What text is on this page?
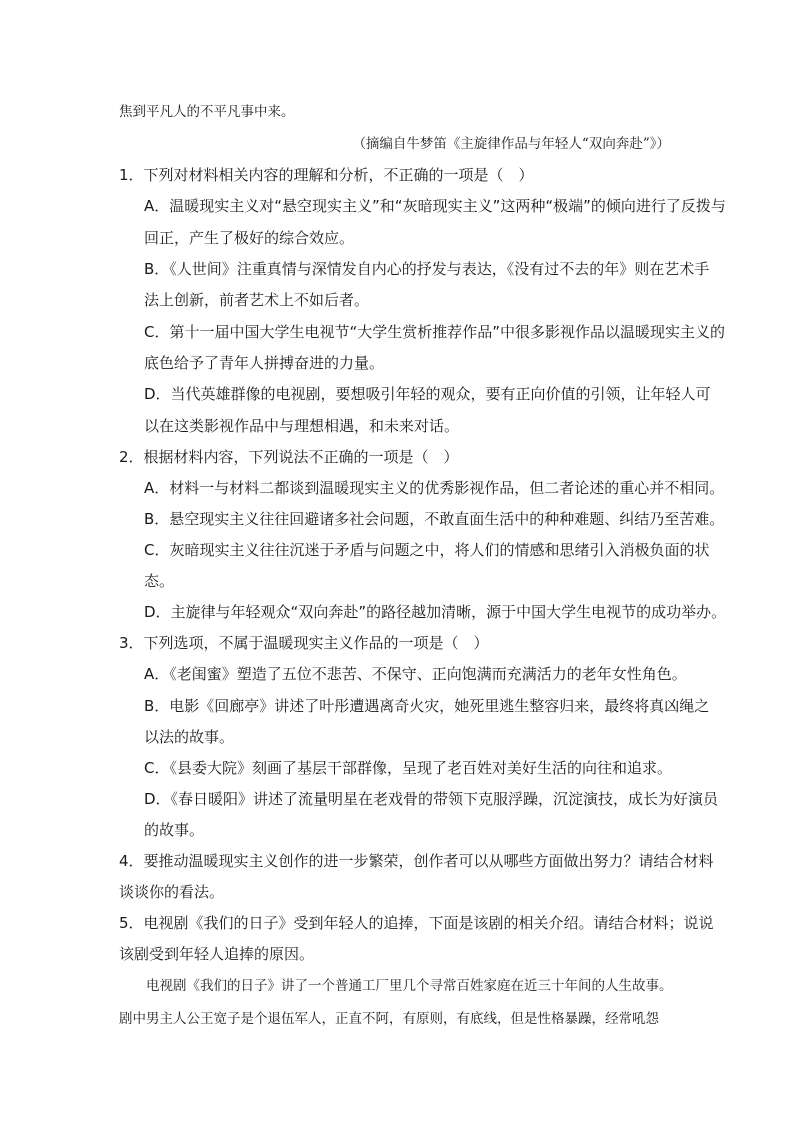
焦到平凡人的不平凡事中来。
（摘编自牛梦笛《主旋律作品与年轻人“双向奔赴”》）
1．下列对材料相关内容的理解和分析，不正确的一项是（　）
A．温暖现实主义对“悬空现实主义”和“灰暗现实主义”这两种“极端”的倾向进行了反拨与
回正，产生了极好的综合效应。
B．《人世间》注重真情与深情发自内心的抒发与表达，《没有过不去的年》则在艺术手
法上创新，前者艺术上不如后者。
C．第十一届中国大学生电视节“大学生赏析推荐作品”中很多影视作品以温暖现实主义的
底色给予了青年人拼搏奋进的力量。
D．当代英雄群像的电视剧，要想吸引年轻的观众，要有正向价值的引领，让年轻人可
以在这类影视作品中与理想相遇，和未来对话。
2．根据材料内容，下列说法不正确的一项是（　）
A．材料一与材料二都谈到温暖现实主义的优秀影视作品，但二者论述的重心并不相同。
B．悬空现实主义往往回避诸多社会问题，不敢直面生活中的种种难题、纠结乃至苦难。
C．灰暗现实主义往往沉迷于矛盾与问题之中，将人们的情感和思绪引入消极负面的状
态。
D．主旋律与年轻观众“双向奔赴”的路径越加清晰，源于中国大学生电视节的成功举办。
3．下列选项，不属于温暖现实主义作品的一项是（　）
A．《老闺蜜》塑造了五位不悲苦、不保守、正向饱满而充满活力的老年女性角色。
B．电影《回廊亭》讲述了叶彤遭遇离奇火灾，她死里逃生整容归来，最终将真凶绳之
以法的故事。
C．《县委大院》刻画了基层干部群像，呈现了老百姓对美好生活的向往和追求。
D．《春日暖阳》讲述了流量明星在老戏骨的带领下克服浮躁，沉淀演技，成长为好演员
的故事。
4．要推动温暖现实主义创作的进一步繁荣，创作者可以从哪些方面做出努力？请结合材料
谈谈你的看法。
5．电视剧《我们的日子》受到年轻人的追捧，下面是该剧的相关介绍。请结合材料；说说
该剧受到年轻人追捧的原因。
电视剧《我们的日子》讲了一个普通工厂里几个寻常百姓家庭在近三十年间的人生故事。
剧中男主人公王宽子是个退伍军人，正直不阿，有原则，有底线，但是性格暴躁，经常吼怨
